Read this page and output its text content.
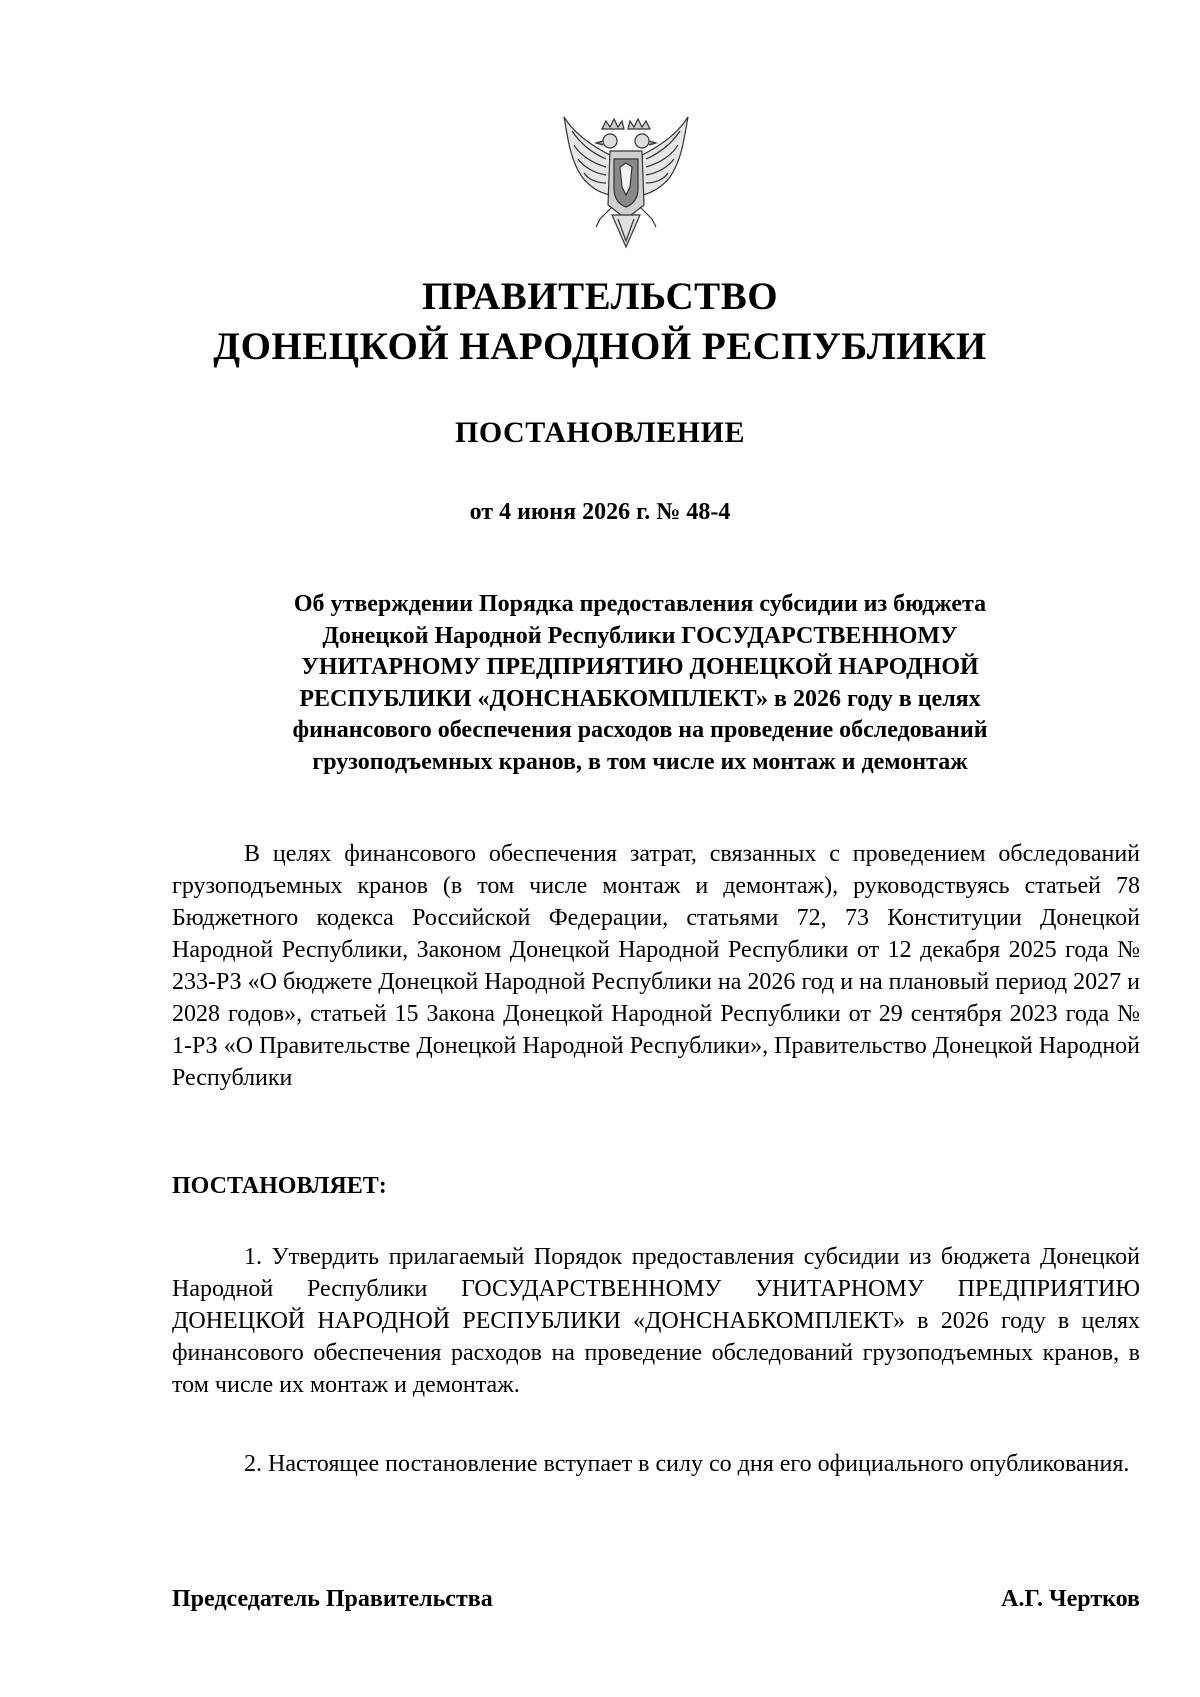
ПРАВИТЕЛЬСТВО
ДОНЕЦКОЙ НАРОДНОЙ РЕСПУБЛИКИ
ПОСТАНОВЛЕНИЕ
от 4 июня 2026 г. № 48-4
Об утверждении Порядка предоставления субсидии из бюджета
Донецкой Народной Республики ГОСУДАРСТВЕННОМУ
УНИТАРНОМУ ПРЕДПРИЯТИЮ ДОНЕЦКОЙ НАРОДНОЙ
РЕСПУБЛИКИ «ДОНСНАБКОМПЛЕКТ» в 2026 году в целях
финансового обеспечения расходов на проведение обследований
грузоподъемных кранов, в том числе их монтаж и демонтаж
В целях финансового обеспечения затрат, связанных с проведением обследований грузоподъемных кранов (в том числе монтаж и демонтаж), руководствуясь статьей 78 Бюджетного кодекса Российской Федерации, статьями 72, 73 Конституции Донецкой Народной Республики, Законом Донецкой Народной Республики от 12 декабря 2025 года № 233-РЗ «О бюджете Донецкой Народной Республики на 2026 год и на плановый период 2027 и 2028 годов», статьей 15 Закона Донецкой Народной Республики от 29 сентября 2023 года № 1-РЗ «О Правительстве Донецкой Народной Республики», Правительство Донецкой Народной Республики
ПОСТАНОВЛЯЕТ:
1. Утвердить прилагаемый Порядок предоставления субсидии из бюджета Донецкой Народной Республики ГОСУДАРСТВЕННОМУ УНИТАРНОМУ ПРЕДПРИЯТИЮ ДОНЕЦКОЙ НАРОДНОЙ РЕСПУБЛИКИ «ДОНСНАБКОМПЛЕКТ» в 2026 году в целях финансового обеспечения расходов на проведение обследований грузоподъемных кранов, в том числе их монтаж и демонтаж.
2. Настоящее постановление вступает в силу со дня его официального опубликования.
Председатель Правительства	А.Г. Чертков
